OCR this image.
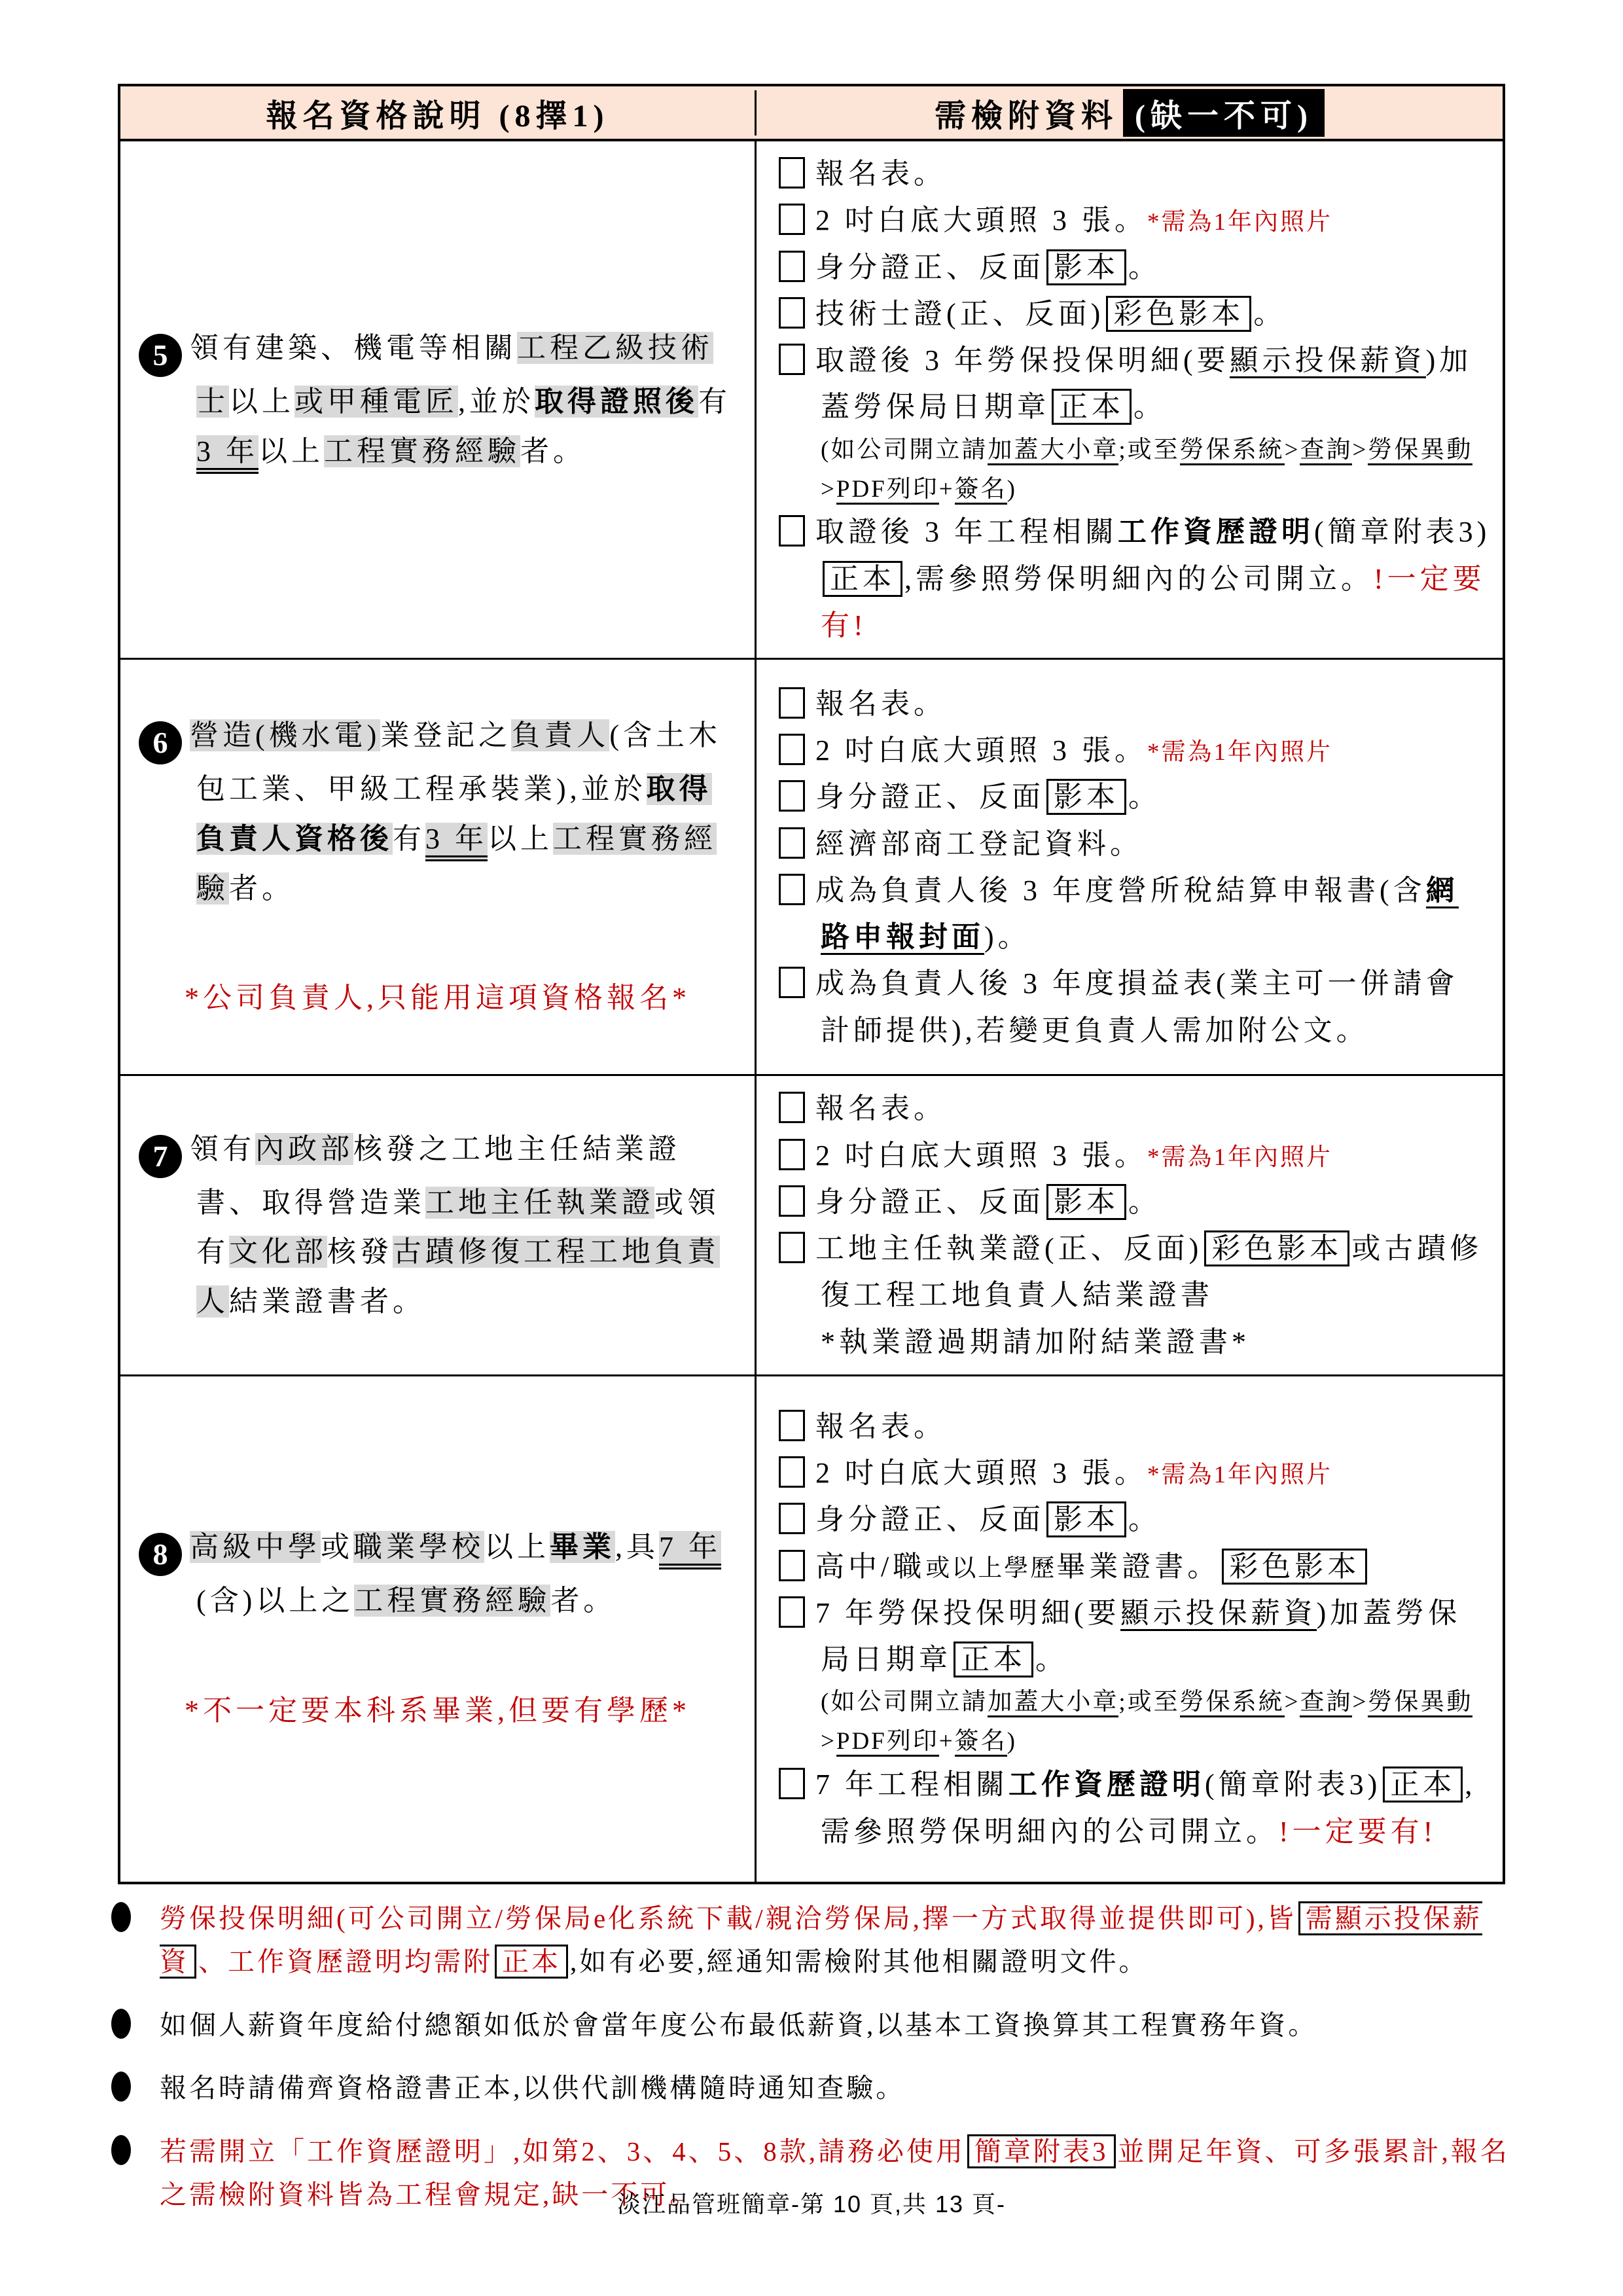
報名資格說明 (8擇1)	需檢附資料 (缺一不可)
5 領有建築、機電等相關工程乙級技術士以上或甲種電匠,並於取得證照後有3 年以上工程實務經驗者。
報名表。
2 吋白底大頭照 3 張。*需為1年內照片
身分證正、反面 影本 。
技術士證(正、反面) 彩色影本 。
取證後 3 年勞保投保明細(要顯示投保薪資)加蓋勞保局日期章 正本 。
(如公司開立請加蓋大小章;或至勞保系統>查詢>勞保異動>PDF列印+簽名)
取證後 3 年工程相關工作資歷證明(簡章附表3)正本 ,需參照勞保明細內的公司開立。!一定要有!
6 營造(機水電)業登記之負責人(含土木包工業、甲級工程承裝業),並於取得負責人資格後有3 年以上工程實務經驗者。
*公司負責人,只能用這項資格報名*
報名表。
2 吋白底大頭照 3 張。*需為1年內照片
身分證正、反面 影本 。
經濟部商工登記資料。
成為負責人後 3 年度營所稅結算申報書(含網路申報封面)。
成為負責人後 3 年度損益表(業主可一併請會計師提供),若變更負責人需加附公文。
7 領有內政部核發之工地主任結業證書、取得營造業工地主任執業證或領有文化部核發古蹟修復工程工地負責人結業證書者。
報名表。
2 吋白底大頭照 3 張。*需為1年內照片
身分證正、反面 影本 。
工地主任執業證(正、反面) 彩色影本 或古蹟修復工程工地負責人結業證書
*執業證過期請加附結業證書*
8 高級中學或職業學校以上畢業,具7 年(含)以上之工程實務經驗者。
*不一定要本科系畢業,但要有學歷*
報名表。
2 吋白底大頭照 3 張。*需為1年內照片
身分證正、反面 影本 。
高中/職或以上學歷畢業證書。 彩色影本
7 年勞保投保明細(要顯示投保薪資)加蓋勞保局日期章 正本 。
(如公司開立請加蓋大小章;或至勞保系統>查詢>勞保異動>PDF列印+簽名)
7 年工程相關工作資歷證明(簡章附表3) 正本 ,需參照勞保明細內的公司開立。!一定要有!
勞保投保明細(可公司開立/勞保局e化系統下載/親洽勞保局,擇一方式取得並提供即可),皆 需顯示投保薪資 、工作資歷證明均需附 正本 ,如有必要,經通知需檢附其他相關證明文件。
如個人薪資年度給付總額如低於會當年度公布最低薪資,以基本工資換算其工程實務年資。
報名時請備齊資格證書正本,以供代訓機構隨時通知查驗。
若需開立「工作資歷證明」,如第2、3、4、5、8款,請務必使用 簡章附表3 並開足年資、可多張累計,報名之需檢附資料皆為工程會規定,缺一不可。
淡江品管班簡章-第 10 頁,共 13 頁-
